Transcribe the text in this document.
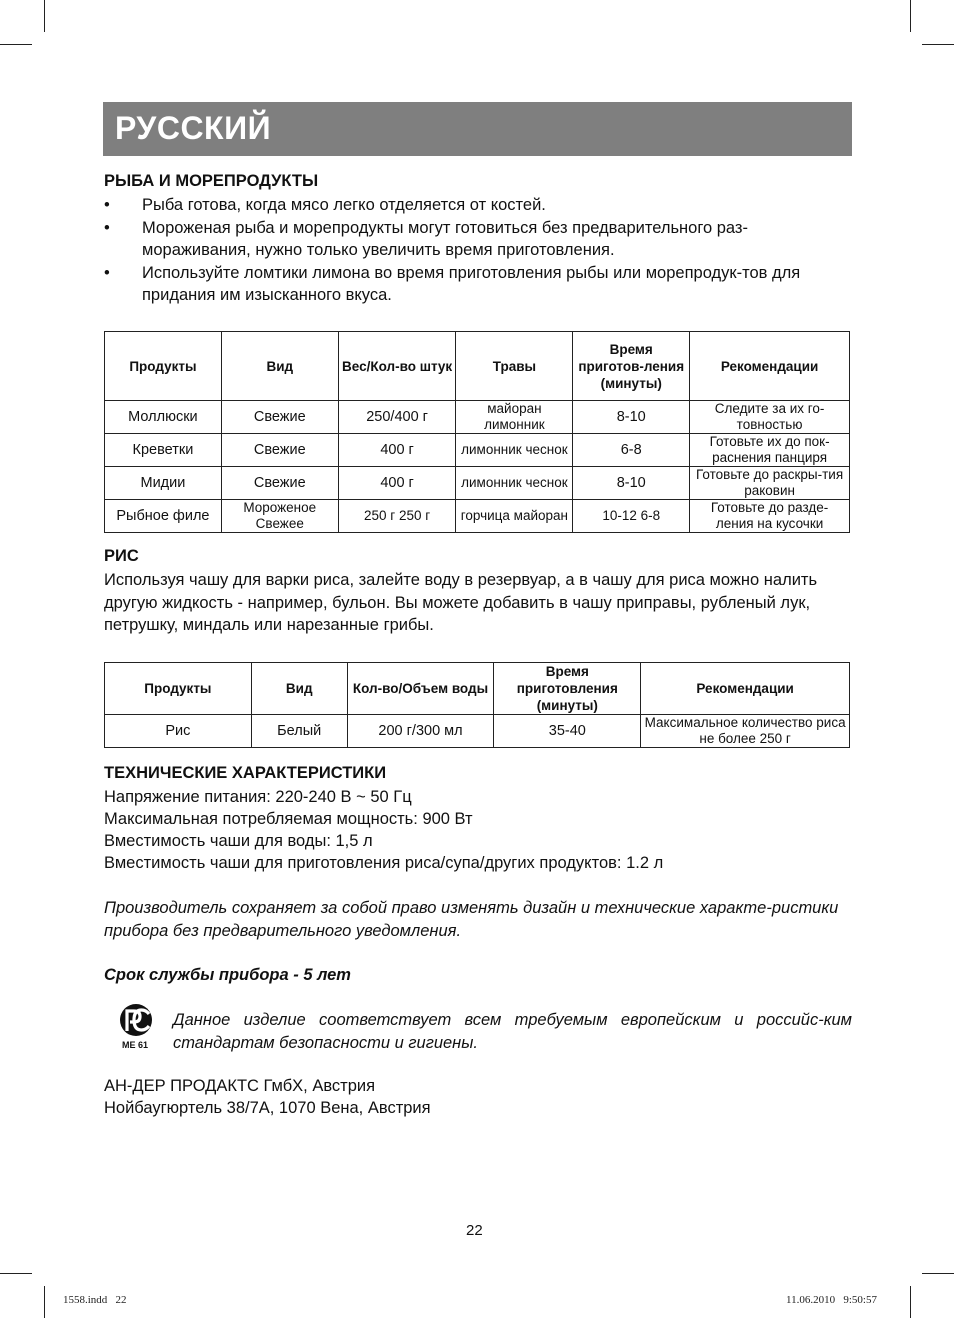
РУССКИЙ
РЫБА И МОРЕПРОДУКТЫ
•	Рыба готова, когда мясо легко отделяется от костей.
•	Мороженая рыба и морепродукты могут готовиться без предварительного раз-мораживания, нужно только увеличить время приготовления.
•	Используйте ломтики лимона во время приготовления рыбы или морепродук-тов для придания им изысканного вкуса.
Продукты	Вид	Вес/Кол-во штук	Травы	Время приготов-ления (минуты)	Рекомендации
Моллюски	Свежие	250/400 г	майоран лимонник	8-10	Следите за их го-товностью
Креветки	Свежие	400 г	лимонник чеснок	6-8	Готовьте их до пок-раснения панциря
Мидии	Свежие	400 г	лимонник чеснок	8-10	Готовьте до раскры-тия раковин
Рыбное филе	Мороженое Свежее	250 г 250 г	горчица майоран	10-12 6-8	Готовьте до разде-ления на кусочки
РИС
Используя чашу для варки риса, залейте воду в резервуар, а в чашу для риса можно налить другую жидкость - например, бульон. Вы можете добавить в чашу приправы, рубленый лук, петрушку, миндаль или нарезанные грибы.
Продукты	Вид	Кол-во/Объем воды	Время приготовления (минуты)	Рекомендации
Рис	Белый	200 г/300 мл	35-40	Максимальное количество риса не более 250 г
ТЕХНИЧЕСКИЕ ХАРАКТЕРИСТИКИ
Напряжение питания: 220-240 В ~ 50 Гц
Максимальная потребляемая мощность: 900 Вт
Вместимость чаши для воды: 1,5 л
Вместимость чаши для приготовления риса/супа/других продуктов: 1.2 л
Производитель сохраняет за собой право изменять дизайн и технические характе-ристики прибора без предварительного уведомления.
Срок службы прибора - 5 лет
ME 61
Данное изделие соответствует всем требуемым европейским и российс-ким стандартам безопасности и гигиены.
АН-ДЕР ПРОДАКТС ГмбХ, Австрия
Нойбаугюртель 38/7А, 1070 Вена, Австрия
22
1558.indd   22	11.06.2010   9:50:57
